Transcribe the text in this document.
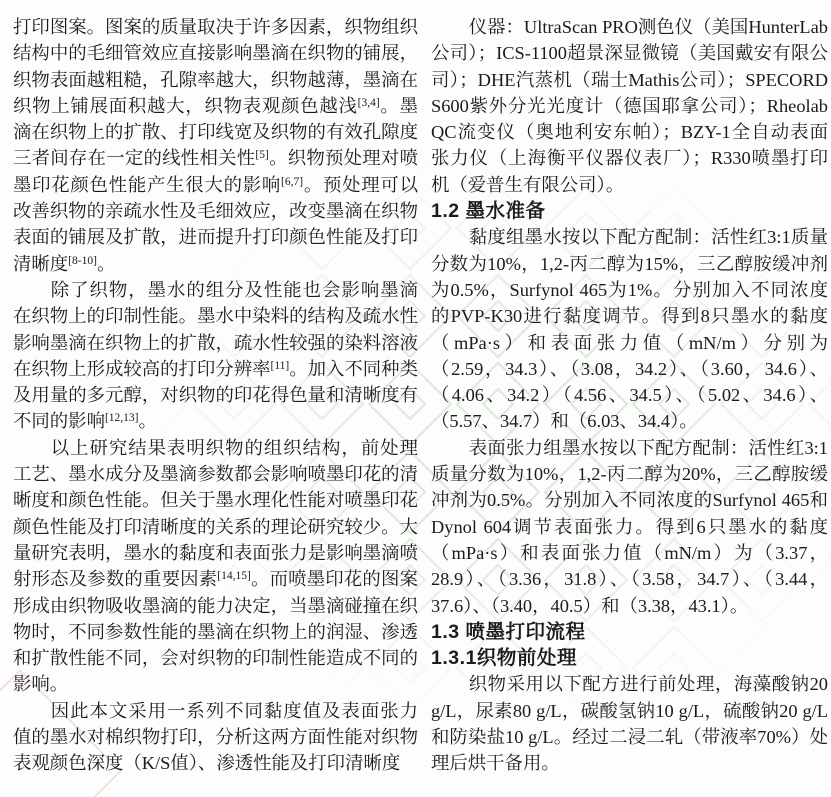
打印图案。图案的质量取决于许多因素，织物组织结构中的毛细管效应直接影响墨滴在织物的铺展，织物表面越粗糙，孔隙率越大，织物越薄，墨滴在织物上铺展面积越大，织物表观颜色越浅[3,4]。墨滴在织物上的扩散、打印线宽及织物的有效孔隙度三者间存在一定的线性相关性[5]。织物预处理对喷墨印花颜色性能产生很大的影响[6,7]。预处理可以改善织物的亲疏水性及毛细效应，改变墨滴在织物表面的铺展及扩散，进而提升打印颜色性能及打印清晰度[8-10]。

除了织物，墨水的组分及性能也会影响墨滴在织物上的印制性能。墨水中染料的结构及疏水性影响墨滴在织物上的扩散，疏水性较强的染料溶液在织物上形成较高的打印分辨率[11]。加入不同种类及用量的多元醇，对织物的印花得色量和清晰度有不同的影响[12,13]。

以上研究结果表明织物的组织结构，前处理工艺、墨水成分及墨滴参数都会影响喷墨印花的清晰度和颜色性能。但关于墨水理化性能对喷墨印花颜色性能及打印清晰度的关系的理论研究较少。大量研究表明，墨水的黏度和表面张力是影响墨滴喷射形态及参数的重要因素[14,15]。而喷墨印花的图案形成由织物吸收墨滴的能力决定，当墨滴碰撞在织物时，不同参数性能的墨滴在织物上的润湿、渗透和扩散性能不同，会对织物的印制性能造成不同的影响。

因此本文采用一系列不同黏度值及表面张力值的墨水对棉织物打印，分析这两方面性能对织物表观颜色深度（K/S值）、渗透性能及打印清晰度

仪器：UltraScan PRO测色仪（美国HunterLab公司）；ICS-1100超景深显微镜（美国戴安有限公司）；DHE汽蒸机（瑞士Mathis公司）；SPECORD S600紫外分光光度计（德国耶拿公司）；Rheolab QC流变仪（奥地利安东帕）；BZY-1全自动表面张力仪（上海衡平仪器仪表厂）；R330喷墨打印机（爱普生有限公司）。

1.2 墨水准备

黏度组墨水按以下配方配制：活性红3:1质量分数为10%，1,2-丙二醇为15%，三乙醇胺缓冲剂为0.5%，Surfynol 465为1%。分别加入不同浓度的PVP-K30进行黏度调节。得到8只墨水的黏度（mPa·s）和表面张力值（mN/m）分别为（2.59，34.3）、（3.08，34.2）、（3.60，34.6）、（4.06、34.2）（4.56、34.5）、（5.02、34.6）、（5.57、34.7）和（6.03、34.4）。

表面张力组墨水按以下配方配制：活性红3:1质量分数为10%，1,2-丙二醇为20%，三乙醇胺缓冲剂为0.5%。分别加入不同浓度的Surfynol 465和Dynol 604调节表面张力。得到6只墨水的黏度（mPa·s）和表面张力值（mN/m）为（3.37，28.9）、（3.36，31.8）、（3.58，34.7）、（3.44，37.6）、（3.40，40.5）和（3.38，43.1）。

1.3 喷墨打印流程
1.3.1织物前处理

织物采用以下配方进行前处理，海藻酸钠20 g/L，尿素80 g/L，碳酸氢钠10 g/L，硫酸钠20 g/L和防染盐10 g/L。经过二浸二轧（带液率70%）处理后烘干备用。
